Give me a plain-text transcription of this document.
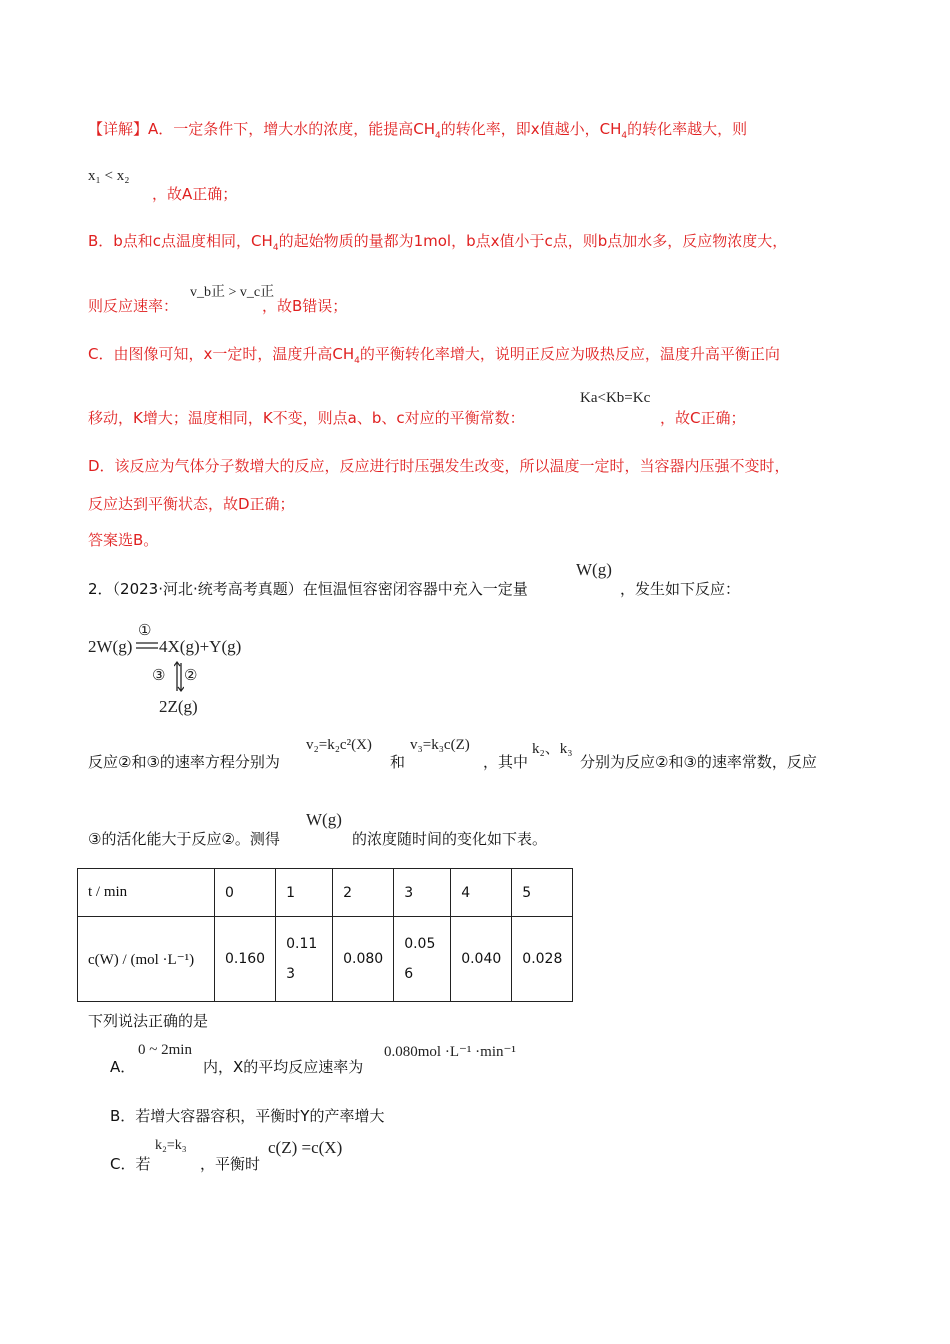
【详解】A．一定条件下，增大水的浓度，能提高$CH_4$的转化率，即x值越小，$CH_4$的转化率越大，则
x₁ < x₂
，故A正确；
B．b点和c点温度相同，$CH_4$的起始物质的量都为1mol，b点x值小于c点，则b点加水多，反应物浓度大，
则反应速率：
v_b正 > v_c正
，故B错误；
C．由图像可知，x一定时，温度升高$CH_4$的平衡转化率增大，说明正反应为吸热反应，温度升高平衡正向
移动，K增大；温度相同，K不变，则点a、b、c对应的平衡常数：
Ka<Kb=Kc
，故C正确；
D．该反应为气体分子数增大的反应，反应进行时压强发生改变，所以温度一定时，当容器内压强不变时，
反应达到平衡状态，故D正确；
答案选B。
2．（2023·河北·统考高考真题）在恒温恒容密闭容器中充入一定量
W(g)
，发生如下反应：
2W(g)
①
4X(g)+Y(g)
③ ②
2Z(g)
反应②和③的速率方程分别为
v₂=k₂c²(X)
和
v₃=k₃c(Z)
，其中
k₂、k₃
分别为反应②和③的速率常数，反应
③的活化能大于反应②。测得
W(g)
的浓度随时间的变化如下表。
t / min	0	1	2	3	4	5
c(W) / (mol ·L⁻¹)	0.160	0.113	0.080	0.056	0.040	0.028
下列说法正确的是
A．
0 ~ 2min
内，X的平均反应速率为
0.080mol ·L⁻¹ ·min⁻¹
B．若增大容器容积，平衡时Y的产率增大
C．若
k₂=k₃
，平衡时
c(Z) =c(X)
